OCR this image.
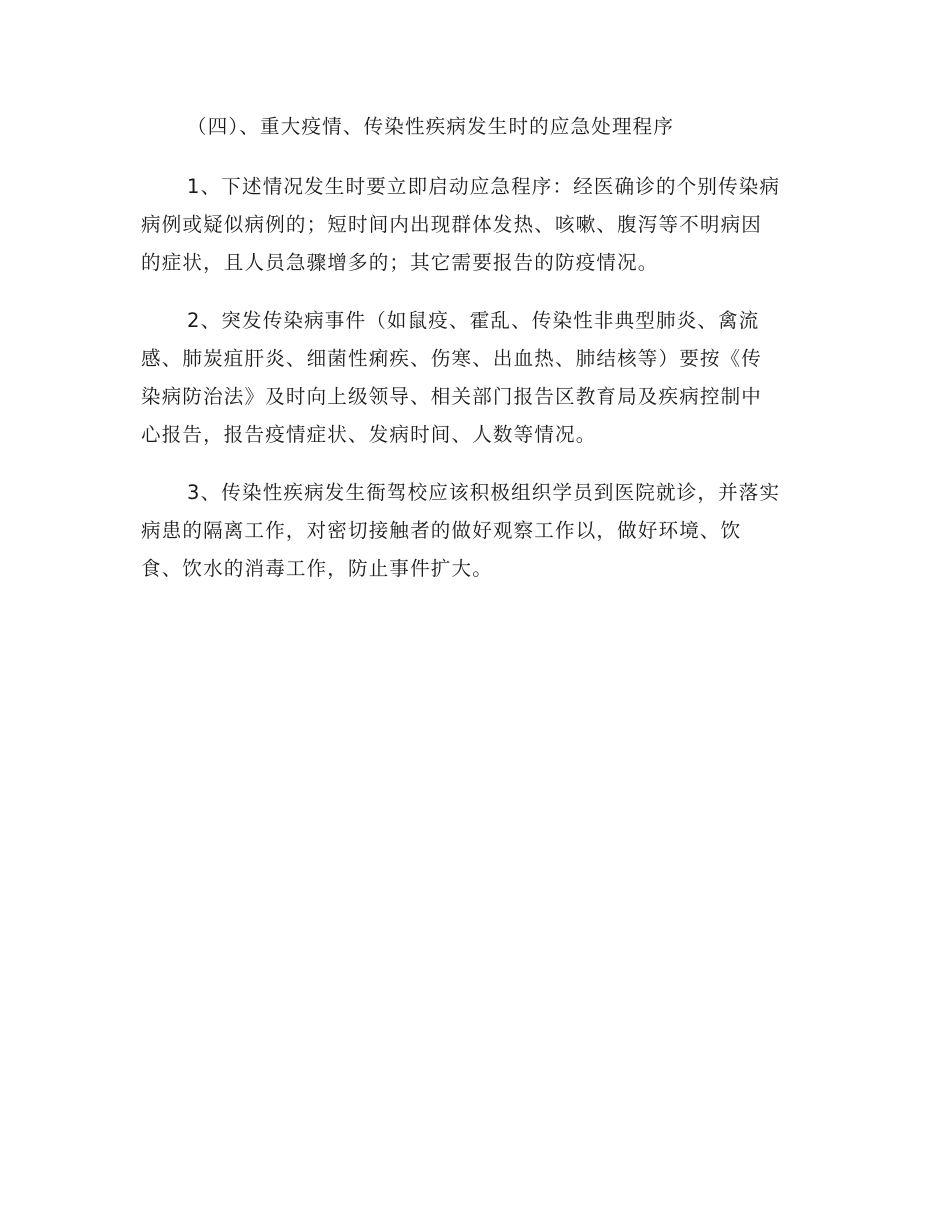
（四）、重大疫情、传染性疾病发生时的应急处理程序

1、下述情况发生时要立即启动应急程序：经医确诊的个别传染病
病例或疑似病例的；短时间内出现群体发热、咳嗽、腹泻等不明病因
的症状，且人员急骤增多的；其它需要报告的防疫情况。

2、突发传染病事件（如鼠疫、霍乱、传染性非典型肺炎、禽流
感、肺炭疽肝炎、细菌性痢疾、伤寒、出血热、肺结核等）要按《传
染病防治法》及时向上级领导、相关部门报告区教育局及疾病控制中
心报告，报告疫情症状、发病时间、人数等情况。

3、传染性疾病发生衙驾校应该积极组织学员到医院就诊，并落实
病患的隔离工作，对密切接触者的做好观察工作以，做好环境、饮
食、饮水的消毒工作，防止事件扩大。
